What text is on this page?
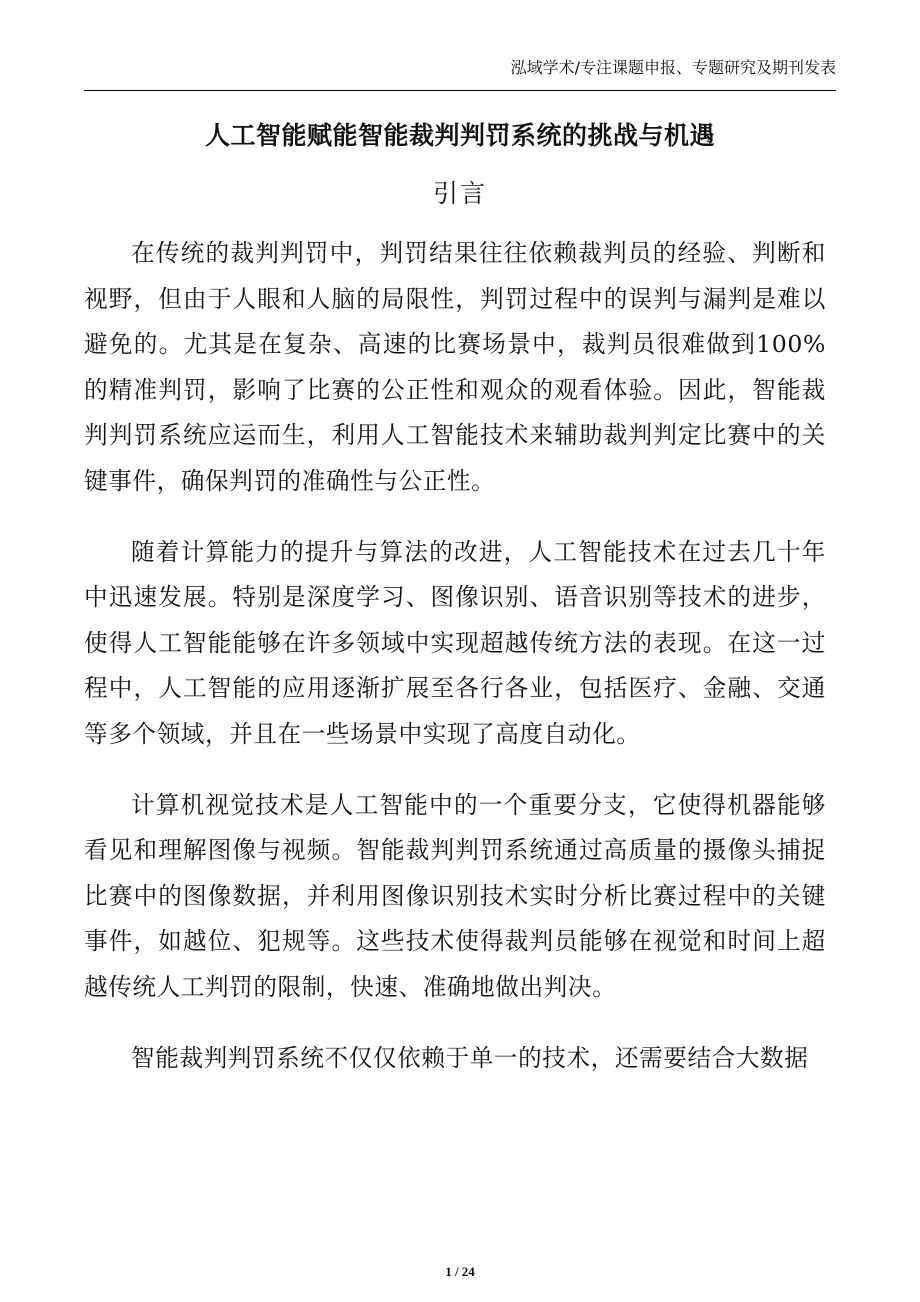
泓域学术/专注课题申报、专题研究及期刊发表
人工智能赋能智能裁判判罚系统的挑战与机遇
引言

在传统的裁判判罚中，判罚结果往往依赖裁判员的经验、判断和视野，但由于人眼和人脑的局限性，判罚过程中的误判与漏判是难以避免的。尤其是在复杂、高速的比赛场景中，裁判员很难做到100%的精准判罚，影响了比赛的公正性和观众的观看体验。因此，智能裁判判罚系统应运而生，利用人工智能技术来辅助裁判判定比赛中的关键事件，确保判罚的准确性与公正性。

随着计算能力的提升与算法的改进，人工智能技术在过去几十年中迅速发展。特别是深度学习、图像识别、语音识别等技术的进步，使得人工智能能够在许多领域中实现超越传统方法的表现。在这一过程中，人工智能的应用逐渐扩展至各行各业，包括医疗、金融、交通等多个领域，并且在一些场景中实现了高度自动化。

计算机视觉技术是人工智能中的一个重要分支，它使得机器能够看见和理解图像与视频。智能裁判判罚系统通过高质量的摄像头捕捉比赛中的图像数据，并利用图像识别技术实时分析比赛过程中的关键事件，如越位、犯规等。这些技术使得裁判员能够在视觉和时间上超越传统人工判罚的限制，快速、准确地做出判决。

智能裁判判罚系统不仅仅依赖于单一的技术，还需要结合大数据

1 / 24
